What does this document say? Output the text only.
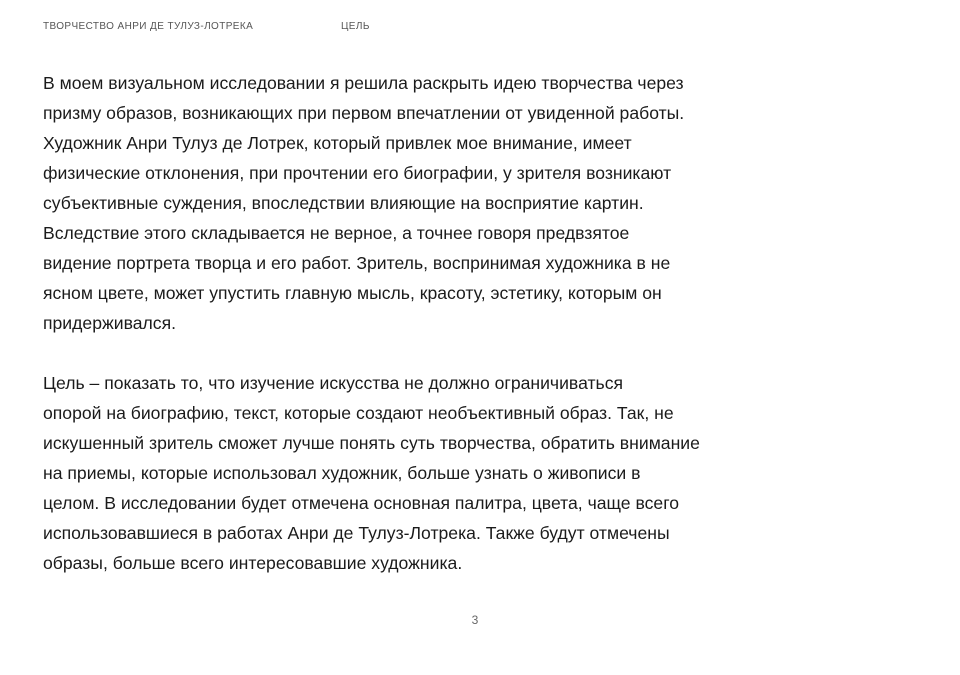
ТВОРЧЕСТВО АНРИ ДЕ ТУЛУЗ-ЛОТРЕКА	ЦЕЛЬ

В моем визуальном исследовании я решила раскрыть идею творчества через
призму образов, возникающих при первом впечатлении от увиденной работы.
Художник Анри Тулуз де Лотрек, который привлек мое внимание, имеет
физические отклонения, при прочтении его биографии, у зрителя возникают
субъективные суждения, впоследствии влияющие на восприятие картин.
Вследствие этого складывается не верное, а точнее говоря предвзятое
видение портрета творца и его работ. Зритель, воспринимая художника в не
ясном цвете, может упустить главную мысль, красоту, эстетику, которым он
придерживался.

Цель – показать то, что изучение искусства не должно ограничиваться
опорой на биографию, текст, которые создают необъективный образ. Так, не
искушенный зритель сможет лучше понять суть творчества, обратить внимание
на приемы, которые использовал художник, больше узнать о живописи в
целом. В исследовании будет отмечена основная палитра, цвета, чаще всего
использовавшиеся в работах Анри де Тулуз-Лотрека. Также будут отмечены
образы, больше всего интересовавшие художника.

3
